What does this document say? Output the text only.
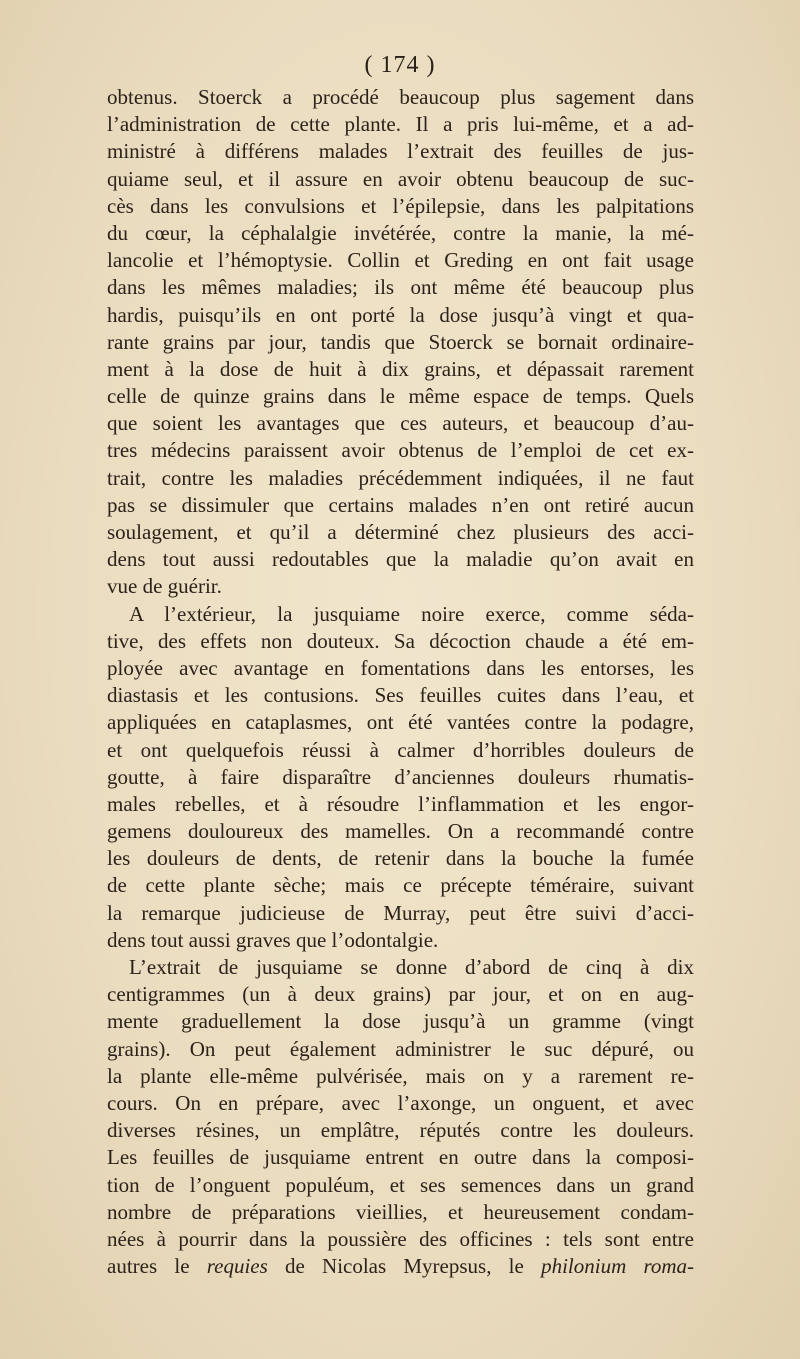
( 174 )
obtenus. Stoerck a procédé beaucoup plus sagement dans
l’administration de cette plante. Il a pris lui-même, et a ad-
ministré à différens malades l’extrait des feuilles de jus-
quiame seul, et il assure en avoir obtenu beaucoup de suc-
cès dans les convulsions et l’épilepsie, dans les palpitations
du cœur, la céphalalgie invétérée, contre la manie, la mé-
lancolie et l’hémoptysie. Collin et Greding en ont fait usage
dans les mêmes maladies; ils ont même été beaucoup plus
hardis, puisqu’ils en ont porté la dose jusqu’à vingt et qua-
rante grains par jour, tandis que Stoerck se bornait ordinaire-
ment à la dose de huit à dix grains, et dépassait rarement
celle de quinze grains dans le même espace de temps. Quels
que soient les avantages que ces auteurs, et beaucoup d’au-
tres médecins paraissent avoir obtenus de l’emploi de cet ex-
trait, contre les maladies précédemment indiquées, il ne faut
pas se dissimuler que certains malades n’en ont retiré aucun
soulagement, et qu’il a déterminé chez plusieurs des acci-
dens tout aussi redoutables que la maladie qu’on avait en
vue de guérir.
A l’extérieur, la jusquiame noire exerce, comme séda-
tive, des effets non douteux. Sa décoction chaude a été em-
ployée avec avantage en fomentations dans les entorses, les
diastasis et les contusions. Ses feuilles cuites dans l’eau, et
appliquées en cataplasmes, ont été vantées contre la podagre,
et ont quelquefois réussi à calmer d’horribles douleurs de
goutte, à faire disparaître d’anciennes douleurs rhumatis-
males rebelles, et à résoudre l’inflammation et les engor-
gemens douloureux des mamelles. On a recommandé contre
les douleurs de dents, de retenir dans la bouche la fumée
de cette plante sèche; mais ce précepte téméraire, suivant
la remarque judicieuse de Murray, peut être suivi d’acci-
dens tout aussi graves que l’odontalgie.
L’extrait de jusquiame se donne d’abord de cinq à dix
centigrammes (un à deux grains) par jour, et on en aug-
mente graduellement la dose jusqu’à un gramme (vingt
grains). On peut également administrer le suc dépuré, ou
la plante elle-même pulvérisée, mais on y a rarement re-
cours. On en prépare, avec l’axonge, un onguent, et avec
diverses résines, un emplâtre, réputés contre les douleurs.
Les feuilles de jusquiame entrent en outre dans la composi-
tion de l’onguent populéum, et ses semences dans un grand
nombre de préparations vieillies, et heureusement condam-
nées à pourrir dans la poussière des officines : tels sont entre
autres le requies de Nicolas Myrepsus, le philonium roma-
